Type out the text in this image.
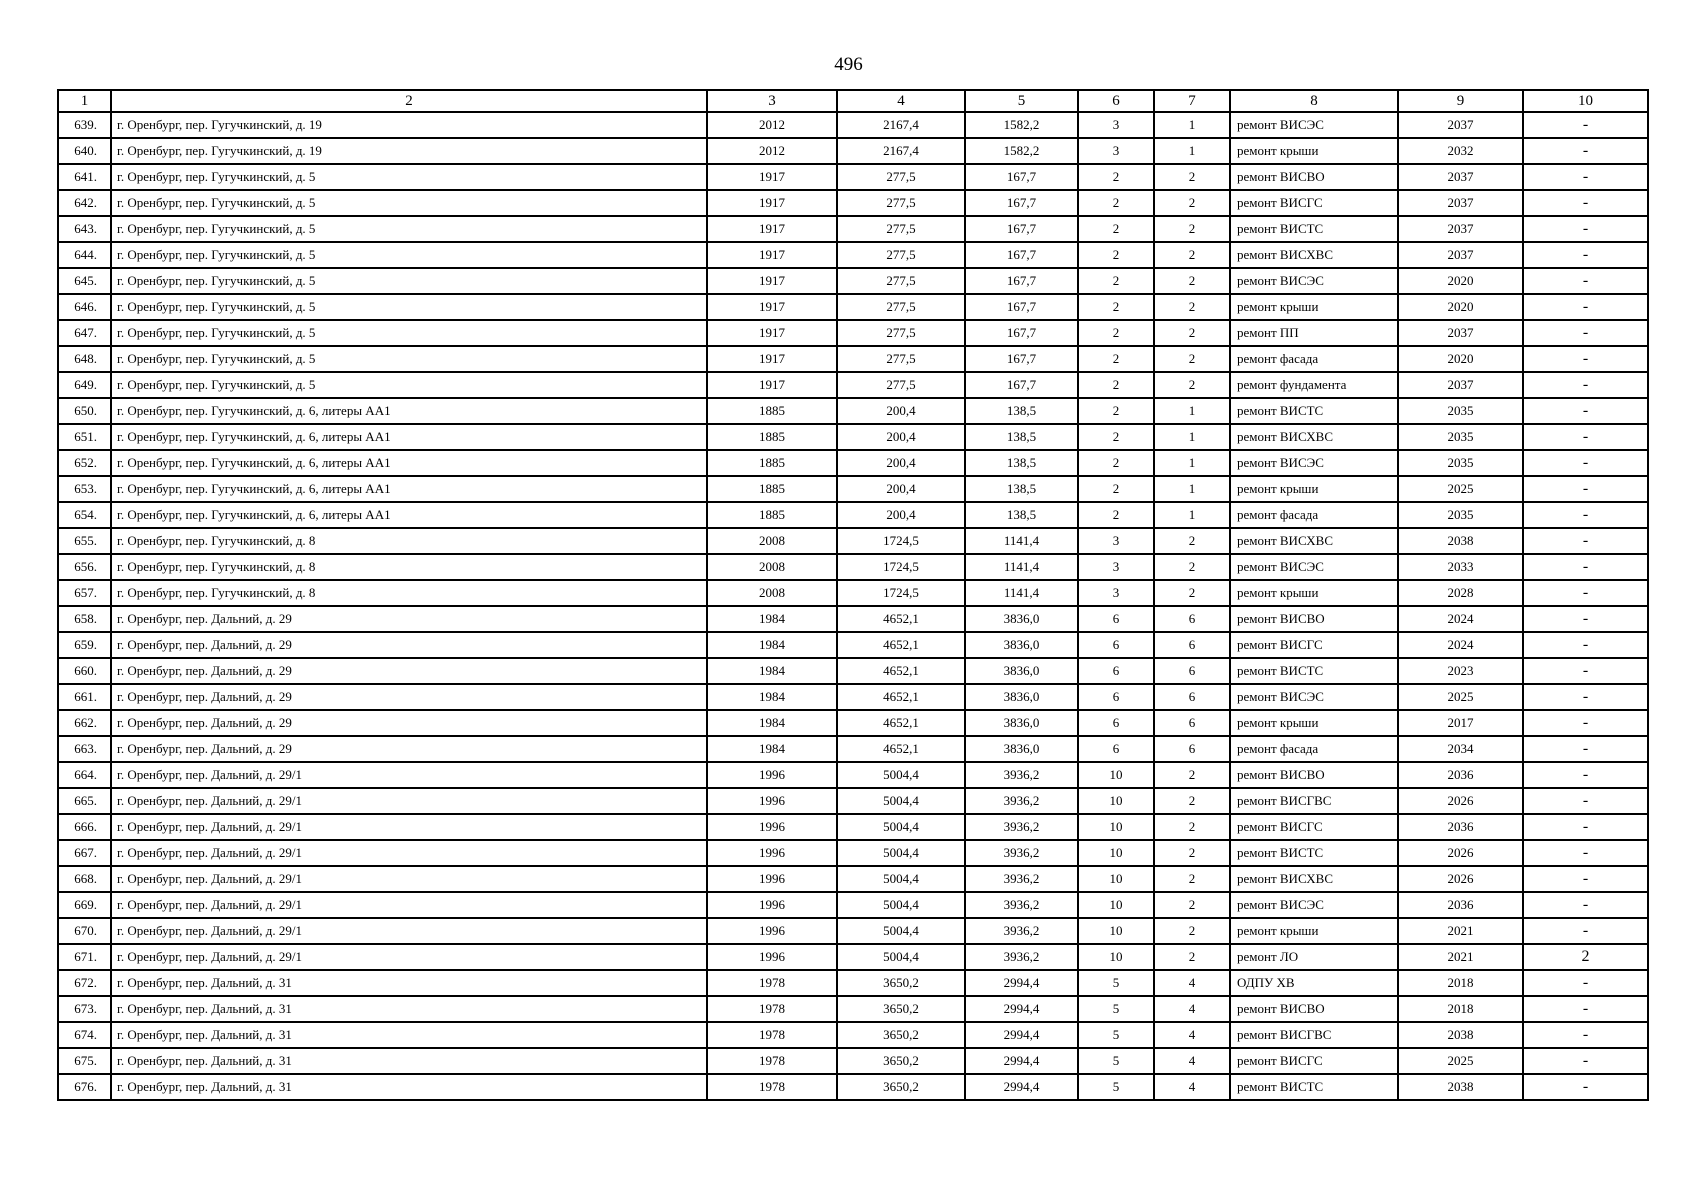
496
1	2	3	4	5	6	7	8	9	10
639.	г. Оренбург, пер. Гугучкинский, д. 19	2012	2167,4	1582,2	3	1	ремонт ВИСЭС	2037	-
640.	г. Оренбург, пер. Гугучкинский, д. 19	2012	2167,4	1582,2	3	1	ремонт крыши	2032	-
641.	г. Оренбург, пер. Гугучкинский, д. 5	1917	277,5	167,7	2	2	ремонт ВИСВО	2037	-
642.	г. Оренбург, пер. Гугучкинский, д. 5	1917	277,5	167,7	2	2	ремонт ВИСГС	2037	-
643.	г. Оренбург, пер. Гугучкинский, д. 5	1917	277,5	167,7	2	2	ремонт ВИСТС	2037	-
644.	г. Оренбург, пер. Гугучкинский, д. 5	1917	277,5	167,7	2	2	ремонт ВИСХВС	2037	-
645.	г. Оренбург, пер. Гугучкинский, д. 5	1917	277,5	167,7	2	2	ремонт ВИСЭС	2020	-
646.	г. Оренбург, пер. Гугучкинский, д. 5	1917	277,5	167,7	2	2	ремонт крыши	2020	-
647.	г. Оренбург, пер. Гугучкинский, д. 5	1917	277,5	167,7	2	2	ремонт ПП	2037	-
648.	г. Оренбург, пер. Гугучкинский, д. 5	1917	277,5	167,7	2	2	ремонт фасада	2020	-
649.	г. Оренбург, пер. Гугучкинский, д. 5	1917	277,5	167,7	2	2	ремонт фундамента	2037	-
650.	г. Оренбург, пер. Гугучкинский, д. 6, литеры АА1	1885	200,4	138,5	2	1	ремонт ВИСТС	2035	-
651.	г. Оренбург, пер. Гугучкинский, д. 6, литеры АА1	1885	200,4	138,5	2	1	ремонт ВИСХВС	2035	-
652.	г. Оренбург, пер. Гугучкинский, д. 6, литеры АА1	1885	200,4	138,5	2	1	ремонт ВИСЭС	2035	-
653.	г. Оренбург, пер. Гугучкинский, д. 6, литеры АА1	1885	200,4	138,5	2	1	ремонт крыши	2025	-
654.	г. Оренбург, пер. Гугучкинский, д. 6, литеры АА1	1885	200,4	138,5	2	1	ремонт фасада	2035	-
655.	г. Оренбург, пер. Гугучкинский, д. 8	2008	1724,5	1141,4	3	2	ремонт ВИСХВС	2038	-
656.	г. Оренбург, пер. Гугучкинский, д. 8	2008	1724,5	1141,4	3	2	ремонт ВИСЭС	2033	-
657.	г. Оренбург, пер. Гугучкинский, д. 8	2008	1724,5	1141,4	3	2	ремонт крыши	2028	-
658.	г. Оренбург, пер. Дальний, д. 29	1984	4652,1	3836,0	6	6	ремонт ВИСВО	2024	-
659.	г. Оренбург, пер. Дальний, д. 29	1984	4652,1	3836,0	6	6	ремонт ВИСГС	2024	-
660.	г. Оренбург, пер. Дальний, д. 29	1984	4652,1	3836,0	6	6	ремонт ВИСТС	2023	-
661.	г. Оренбург, пер. Дальний, д. 29	1984	4652,1	3836,0	6	6	ремонт ВИСЭС	2025	-
662.	г. Оренбург, пер. Дальний, д. 29	1984	4652,1	3836,0	6	6	ремонт крыши	2017	-
663.	г. Оренбург, пер. Дальний, д. 29	1984	4652,1	3836,0	6	6	ремонт фасада	2034	-
664.	г. Оренбург, пер. Дальний, д. 29/1	1996	5004,4	3936,2	10	2	ремонт ВИСВО	2036	-
665.	г. Оренбург, пер. Дальний, д. 29/1	1996	5004,4	3936,2	10	2	ремонт ВИСГВС	2026	-
666.	г. Оренбург, пер. Дальний, д. 29/1	1996	5004,4	3936,2	10	2	ремонт ВИСГС	2036	-
667.	г. Оренбург, пер. Дальний, д. 29/1	1996	5004,4	3936,2	10	2	ремонт ВИСТС	2026	-
668.	г. Оренбург, пер. Дальний, д. 29/1	1996	5004,4	3936,2	10	2	ремонт ВИСХВС	2026	-
669.	г. Оренбург, пер. Дальний, д. 29/1	1996	5004,4	3936,2	10	2	ремонт ВИСЭС	2036	-
670.	г. Оренбург, пер. Дальний, д. 29/1	1996	5004,4	3936,2	10	2	ремонт крыши	2021	-
671.	г. Оренбург, пер. Дальний, д. 29/1	1996	5004,4	3936,2	10	2	ремонт ЛО	2021	2
672.	г. Оренбург, пер. Дальний, д. 31	1978	3650,2	2994,4	5	4	ОДПУ ХВ	2018	-
673.	г. Оренбург, пер. Дальний, д. 31	1978	3650,2	2994,4	5	4	ремонт ВИСВО	2018	-
674.	г. Оренбург, пер. Дальний, д. 31	1978	3650,2	2994,4	5	4	ремонт ВИСГВС	2038	-
675.	г. Оренбург, пер. Дальний, д. 31	1978	3650,2	2994,4	5	4	ремонт ВИСГС	2025	-
676.	г. Оренбург, пер. Дальний, д. 31	1978	3650,2	2994,4	5	4	ремонт ВИСТС	2038	-
